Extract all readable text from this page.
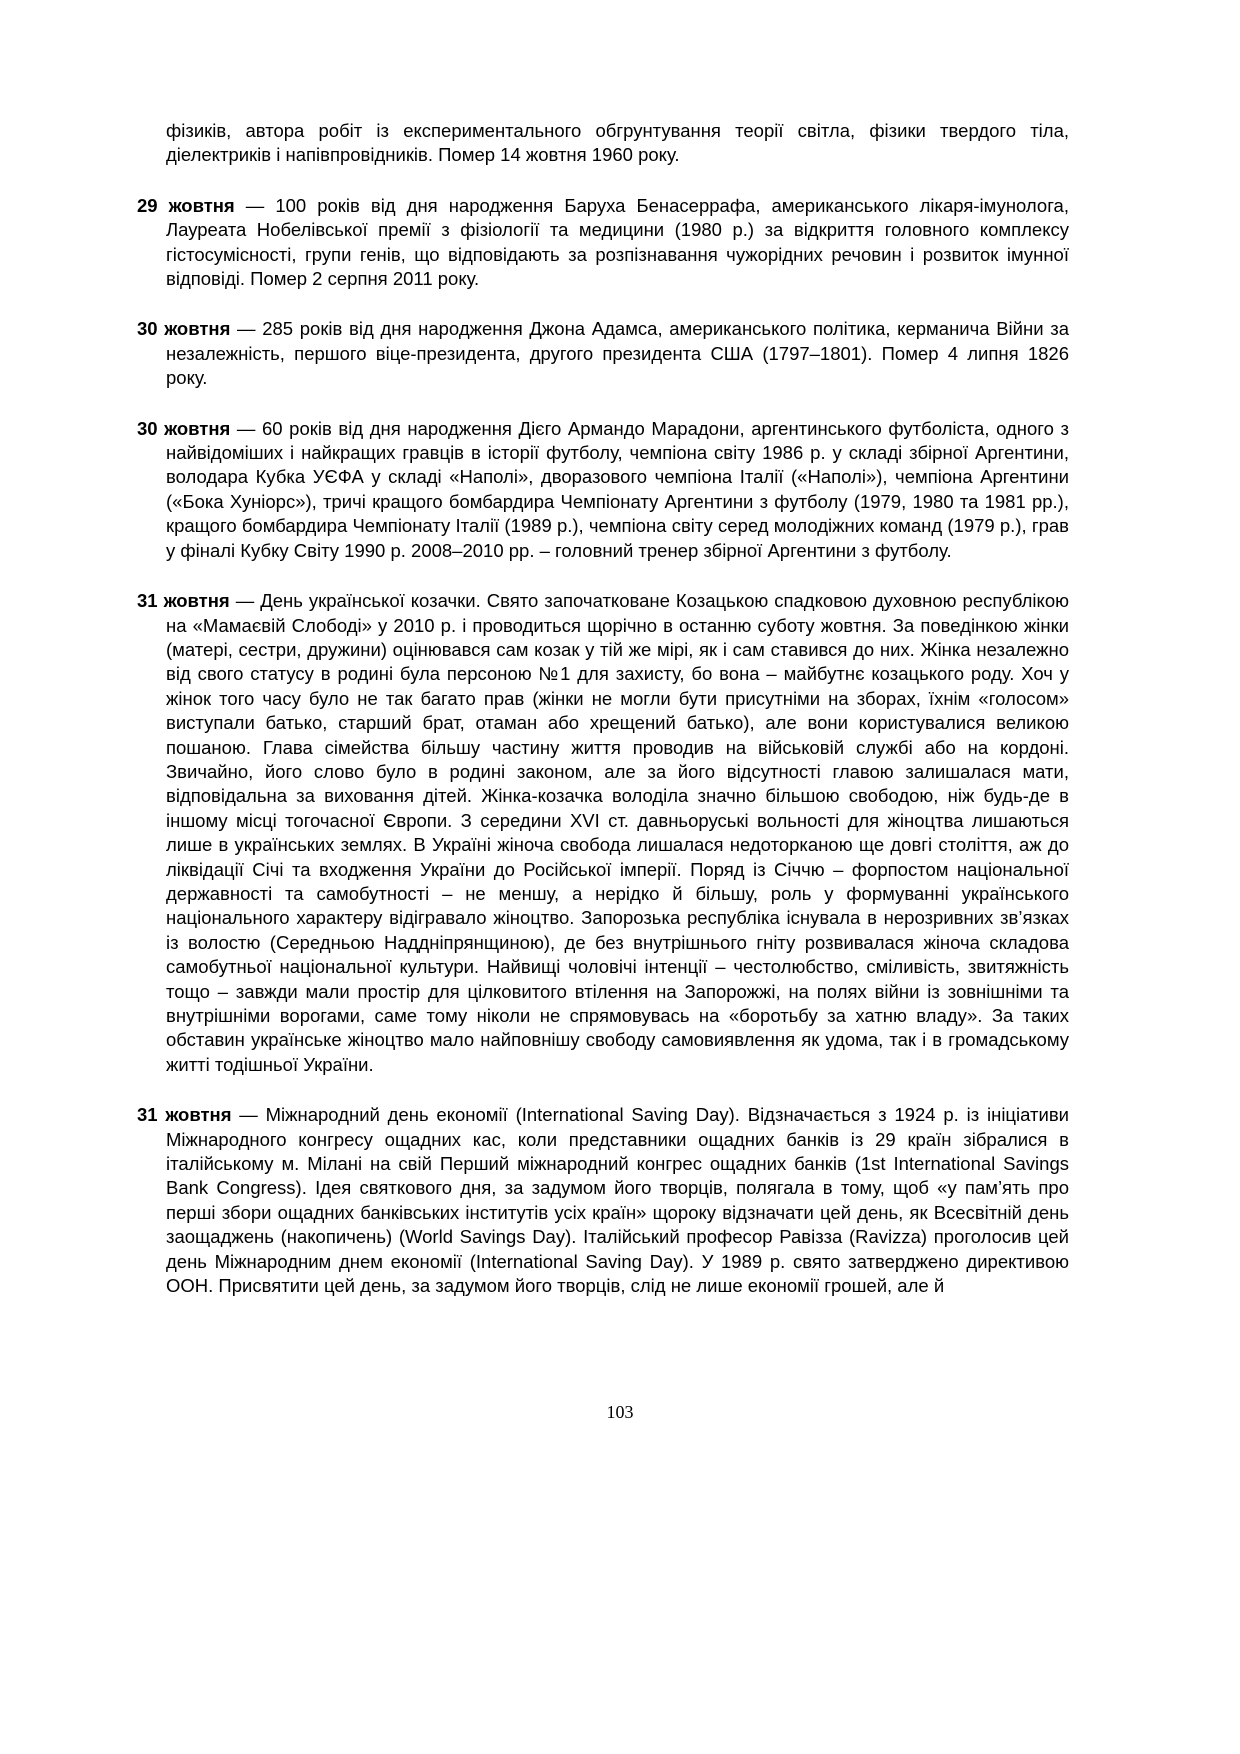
фізиків, автора робіт із експериментального обгрунтування теорії світла, фізики твердого тіла, діелектриків і напівпровідників. Помер 14 жовтня 1960 року.

29 жовтня — 100 років від дня народження Баруха Бенасеррафа, американського лікаря-імунолога, Лауреата Нобелівської премії з фізіології та медицини (1980 р.) за відкриття головного комплексу гістосумісності, групи генів, що відповідають за розпізнавання чужорідних речовин і розвиток імунної відповіді. Помер 2 серпня 2011 року.

30 жовтня — 285 років від дня народження Джона Адамса, американського політика, керманича Війни за незалежність, першого віце-президента, другого президента США (1797–1801). Помер 4 липня 1826 року.

30 жовтня — 60 років від дня народження Дієго Армандо Марадони, аргентинського футболіста, одного з найвідоміших і найкращих гравців в історії футболу, чемпіона світу 1986 р. у складі збірної Аргентини, володара Кубка УЄФА у складі «Наполі», дворазового чемпіона Італії («Наполі»), чемпіона Аргентини («Бока Хуніорс»), тричі кращого бомбардира Чемпіонату Аргентини з футболу (1979, 1980 та 1981 рр.), кращого бомбардира Чемпіонату Італії (1989 р.), чемпіона світу серед молодіжних команд (1979 р.), грав у фіналі Кубку Світу 1990 р. 2008–2010 рр. – головний тренер збірної Аргентини з футболу.

31 жовтня — День української козачки. Свято започатковане Козацькою спадковою духовною республікою на «Мамаєвій Слободі» у 2010 р. і проводиться щорічно в останню суботу жовтня. За поведінкою жінки (матері, сестри, дружини) оцінювався сам козак у тій же мірі, як і сам ставився до них. Жінка незалежно від свого статусу в родині була персоною №1 для захисту, бо вона – майбутнє козацького роду. Хоч у жінок того часу було не так багато прав (жінки не могли бути присутніми на зборах, їхнім «голосом» виступали батько, старший брат, отаман або хрещений батько), але вони користувалися великою пошаною. Глава сімейства більшу частину життя проводив на військовій службі або на кордоні. Звичайно, його слово було в родині законом, але за його відсутності главою залишалася мати, відповідальна за виховання дітей. Жінка-козачка володіла значно більшою свободою, ніж будь-де в іншому місці тогочасної Європи. З середини XVI ст. давньоруські вольності для жіноцтва лишаються лише в українських землях. В Україні жіноча свобода лишалася недоторканою ще довгі століття, аж до ліквідації Січі та входження України до Російської імперії. Поряд із Січчю – форпостом національної державності та самобутності – не меншу, а нерідко й більшу, роль у формуванні українського національного характеру відігравало жіноцтво. Запорозька республіка існувала в нерозривних зв’язках із волостю (Середньою Наддніпрянщиною), де без внутрішнього гніту розвивалася жіноча складова самобутньої національної культури. Найвищі чоловічі інтенції – честолюбство, сміливість, звитяжність тощо – завжди мали простір для цілковитого втілення на Запорожжі, на полях війни із зовнішніми та внутрішніми ворогами, саме тому ніколи не спрямовувась на «боротьбу за хатню владу». За таких обставин українське жіноцтво мало найповнішу свободу самовиявлення як удома, так і в громадському житті тодішньої України.

31 жовтня — Міжнародний день економії (International Saving Day). Відзначається з 1924 р. із ініціативи Міжнародного конгресу ощадних кас, коли представники ощадних банків із 29 країн зібралися в італійському м. Мілані на свій Перший міжнародний конгрес ощадних банків (1st International Savings Bank Congress). Ідея святкового дня, за задумом його творців, полягала в тому, щоб «у пам’ять про перші збори ощадних банківських інститутів усіх країн» щороку відзначати цей день, як Всесвітній день заощаджень (накопичень) (World Savings Day). Італійський професор Равізза (Ravizza) проголосив цей день Міжнародним днем економії (International Saving Day). У 1989 р. свято затверджено директивою ООН. Присвятити цей день, за задумом його творців, слід не лише економії грошей, але й

103
